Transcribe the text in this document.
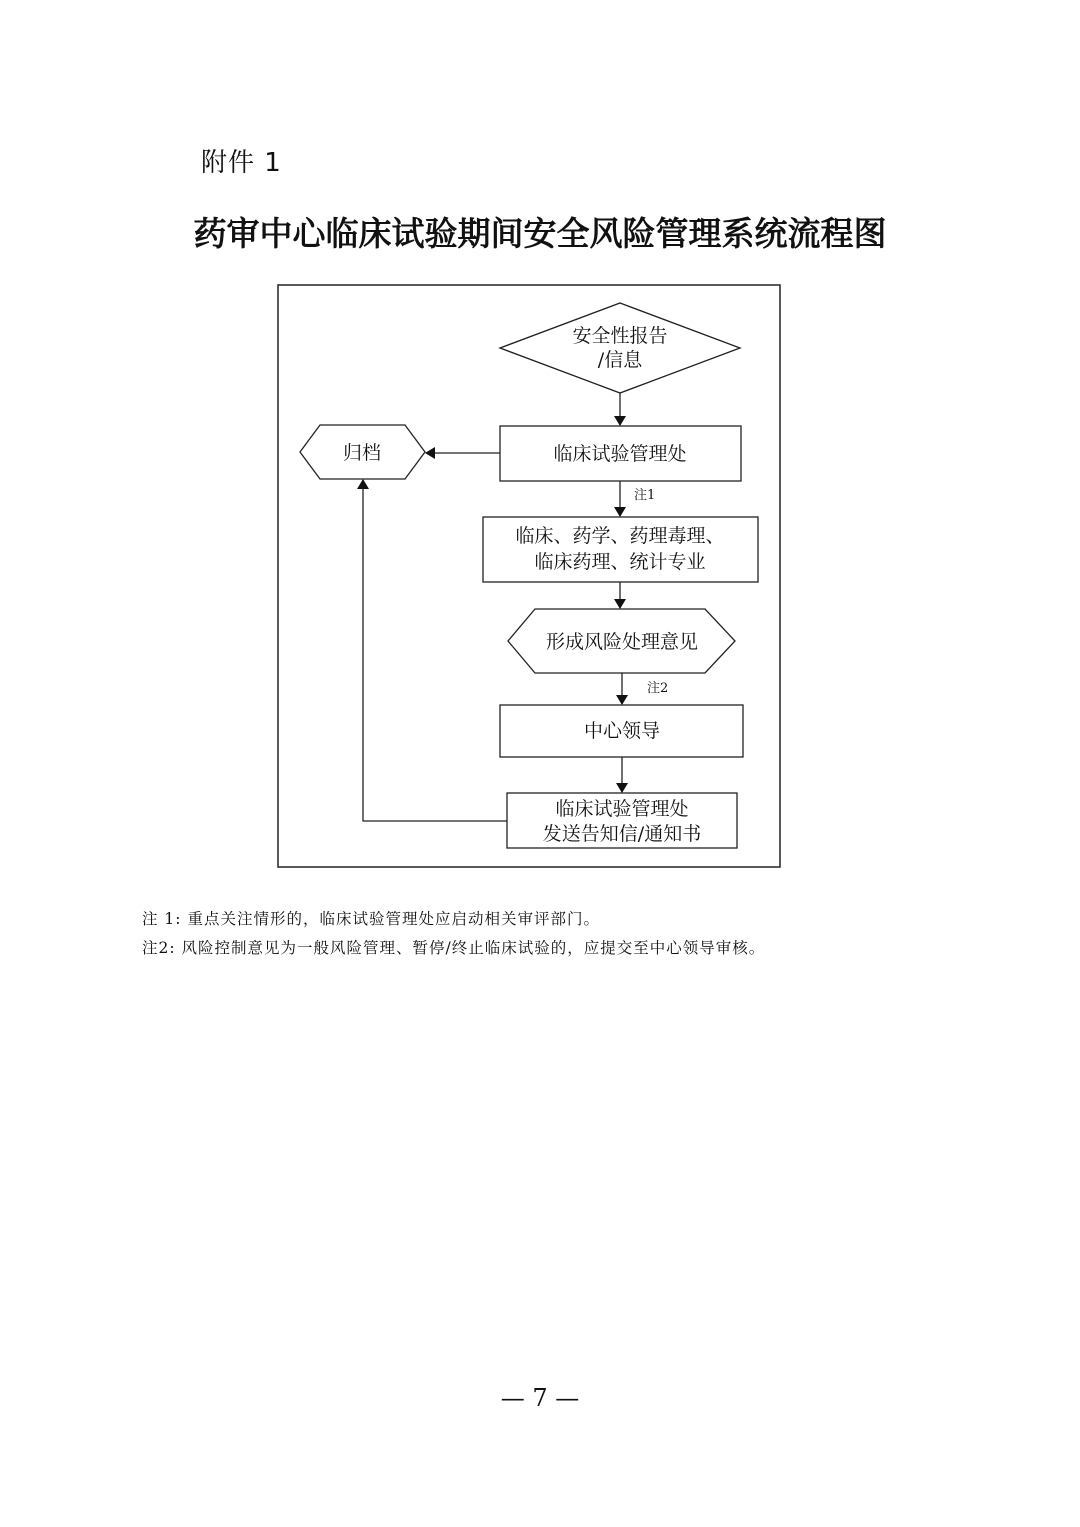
附件 1
药审中心临床试验期间安全风险管理系统流程图
安全性报告
/信息
临床试验管理处
归档
注1
临床、药学、药理毒理、
临床药理、统计专业
形成风险处理意见
注2
中心领导
临床试验管理处
发送告知信/通知书
注 1: 重点关注情形的，临床试验管理处应启动相关审评部门。
注2: 风险控制意见为一般风险管理、暂停/终止临床试验的，应提交至中心领导审核。
— 7 —
